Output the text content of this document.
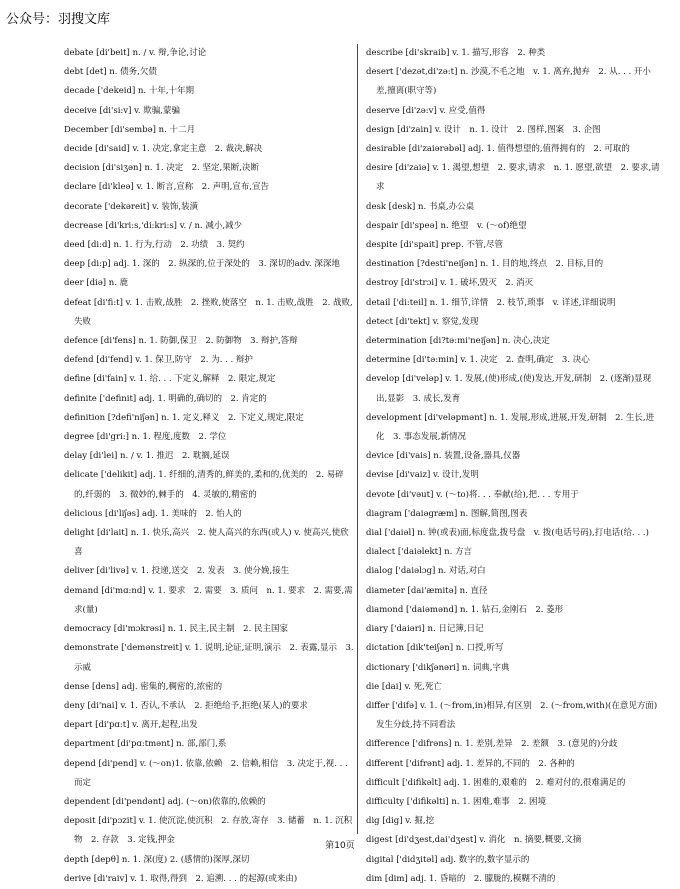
公众号：羽搜文库
debate [di'beit] n. / v. 辩,争论,讨论
debt [det] n. 债务,欠债
decade ['dekeid] n. 十年,十年期
deceive [di'si:v] v. 欺骗,蒙骗
December [di'sembə] n. 十二月
decide [di'said] v. 1. 决定,拿定主意　2. 裁决,解决
decision [di'siʒən] n. 1. 决定　2. 坚定,果断,决断
declare [di'kleə] v. 1. 断言,宣称　2. 声明,宣布,宣告
decorate ['dekəreit] v. 装饰,装潢
decrease [di'kri:s,'di:kri:s] v. / n. 减小,减少
deed [di:d] n. 1. 行为,行动　2. 功绩　3. 契约
deep [di:p] adj. 1. 深的　2. 纵深的,位于深处的　3. 深切的adv. 深深地
deer [diə] n. 鹿
defeat [di'fi:t] v. 1. 击败,战胜　2. 挫败,使落空　n. 1. 击败,战胜　2. 战败,失败
defence [di'fens] n. 1. 防御,保卫　2. 防御物　3. 辩护,答辩
defend [di'fend] v. 1. 保卫,防守　2. 为. . . 辩护
define [di'fain] v. 1. 给. . . 下定义,解释　2. 限定,规定
definite ['definit] adj. 1. 明确的,确切的　2. 肯定的
definition [?defi'niʃən] n. 1. 定义,释义　2. 下定义,规定,限定
degree [di'gri:] n. 1. 程度,度数　2. 学位
delay [di'lei] n. / v. 1. 推迟　2. 耽搁,延误
delicate ['delikit] adj. 1. 纤细的,清秀的,鲜美的,柔和的,优美的　2. 易碎的,纤弱的　3. 微妙的,棘手的　4. 灵敏的,精密的
delicious [di'liʃəs] adj. 1. 美味的　2. 怡人的
delight [di'lait] n. 1. 快乐,高兴　2. 使人高兴的东西(或人) v. 使高兴,使欣喜
deliver [di'livə] v. 1. 投递,送交　2. 发表　3. 使分娩,接生
demand [di'mɑ:nd] v. 1. 要求　2. 需要　3. 质问　n. 1. 要求　2. 需要,需求(量)
democracy [di'mɔkrəsi] n. 1. 民主,民主制　2. 民主国家
demonstrate ['demənstreit] v. 1. 说明,论证,证明,演示　2. 表露,显示　3. 示威
dense [dens] adj. 密集的,稠密的,浓密的
deny [di'nai] v. 1. 否认,不承认　2. 拒绝给予,拒绝(某人)的要求
depart [di'pɑ:t] v. 离开,起程,出发
department [di'pɑ:tmənt] n. 部,部门,系
depend [di'pend] v. (～on)1. 依靠,依赖　2. 信赖,相信　3. 决定于,视. . . 而定
dependent [di'pendənt] adj. (～on)依靠的,依赖的
deposit [di'pɔzit] v. 1. 使沉淀,使沉积　2. 存放,寄存　3. 储蓄　n. 1. 沉积物　2. 存款　3. 定钱,押金
depth [depθ] n. 1. 深(度) 2. (感情的)深厚,深切
derive [di'raiv] v. 1. 取得,得到　2. 追溯. . . 的起源(或来由)
describe [di'skraib] v. 1. 描写,形容　2. 种类
desert ['dezət,di'zə:t] n. 沙漠,不毛之地　v. 1. 离弃,抛弃　2. 从. . . 开小差,擅离(职守等)
deserve [di'zə:v] v. 应受,值得
design [di'zain] v. 设计　n. 1. 设计　2. 图样,图案　3. 企图
desirable [di'zaiərəbəl] adj. 1. 值得想望的,值得拥有的　2. 可取的
desire [di'zaiə] v. 1. 渴望,想望　2. 要求,请求　n. 1. 愿望,欲望　2. 要求,请求
desk [desk] n. 书桌,办公桌
despair [di'speə] n. 绝望　v. (～of)绝望
despite [di'spait] prep. 不管,尽管
destination [?desti'neiʃən] n. 1. 目的地,终点　2. 目标,目的
destroy [di'strɔi] v. 1. 破坏,毁灭　2. 消灭
detail ['di:teil] n. 1. 细节,详情　2. 枝节,琐事　v. 详述,详细说明
detect [di'tekt] v. 察觉,发现
determination [di?tə:mi'neiʃən] n. 决心,决定
determine [di'tə:min] v. 1. 决定　2. 查明,确定　3. 决心
develop [di'veləp] v. 1. 发展,(使)形成,(使)发达,开发,研制　2. (逐渐)显现出,显影　3. 成长,发育
development [di'veləpmənt] n. 1. 发展,形成,进展,开发,研制　2. 生长,进化　3. 事态发展,新情况
device [di'vais] n. 装置,设备,器具,仪器
devise [di'vaiz] v. 设计,发明
devote [di'vəut] v. (～to)将. . . 奉献(给),把. . . 专用于
diagram ['daiəgræm] n. 图解,简图,图表
dial ['daiəl] n. 钟(或表)面,标度盘,拨号盘　v. 拨(电话号码),打电话(给. . .)
dialect ['daiəlekt] n. 方言
dialog ['daiəlɔg] n. 对话,对白
diameter [dai'æmitə] n. 直径
diamond ['daiəmənd] n. 1. 钻石,金刚石　2. 菱形
diary ['daiəri] n. 日记簿,日记
dictation [dik'teiʃən] n. 口授,听写
dictionary ['dikʃənəri] n. 词典,字典
die [dai] v. 死,死亡
differ ['difə] v. 1. (～from,in)相异,有区别　2. (～from,with)(在意见方面)发生分歧,持不同看法
difference ['difrəns] n. 1. 差别,差异　2. 差额　3. (意见的)分歧
different ['difrənt] adj. 1. 差异的,不同的　2. 各种的
difficult ['difikəlt] adj. 1. 困难的,艰难的　2. 难对付的,很难满足的
difficulty ['difikəlti] n. 1. 困难,难事　2. 困境
dig [dig] v. 掘,挖
digest [di'dʒest,dai'dʒest] v. 消化　n. 摘要,概要,文摘
digital ['didʒitəl] adj. 数字的,数字显示的
dim [dim] adj. 1. 昏暗的　2. 朦胧的,模糊不清的
第10页
